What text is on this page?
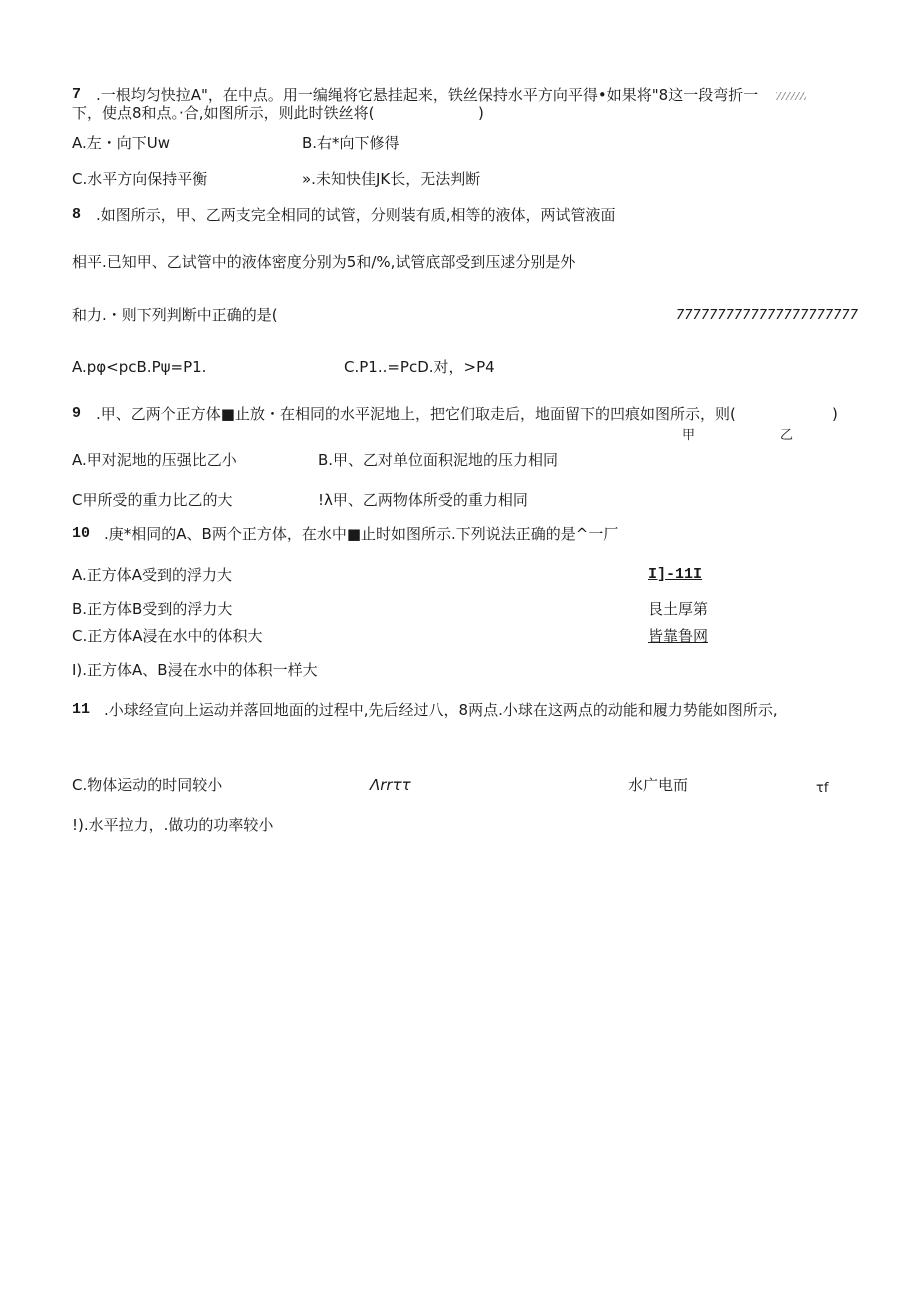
7 .一根均匀快拉A"，在中点。用一编绳将它悬挂起来，铁丝保持水平方向平得•如果将"8这一段弯折一
下，使点8和点。·合,如图所示，则此时铁丝将(	)
A.左・向下Uw	B.右*向下修得
C.水平方向保持平衡	».未知快佳JK长，无法判断
8 .如图所示，甲、乙两支完全相同的试管，分则装有质,相等的液体，两试管液面
相平.已知甲、乙试管中的液体密度分别为5和/%,试管底部受到压逑分别是外
和力.・则下列判断中正确的是(	7777777777777777777777
A.pφ<pсB.Pψ=P1.	C.P1..=PсD.对，>P4
9 .甲、乙两个正方体■止放・在相同的水平泥地上，把它们取走后，地面留下的凹痕如图所示，则(	)
甲	乙
A.甲对泥地的压强比乙小	B.甲、乙对单位面积泥地的压力相同
C甲所受的重力比乙的大	!λ甲、乙两物体所受的重力相同
10 .庚*相同的A、B两个正方体，在水中■止时如图所示.下列说法正确的是^一厂
A.正方体A受到的浮力大	I]-11I
B.正方体B受到的浮力大	艮土厚第
C.正方体A浸在水中的体积大	皆靠鲁网
I).正方体A、B浸在水中的体积一样大
11 .小球经宣向上运动并落回地面的过程中,先后经过八，8两点.小球在这两点的动能和履力势能如图所示,
C.物体运动的时同较小	Λrrττ	水广电而	τf
!).水平拉力，.做功的功率较小
